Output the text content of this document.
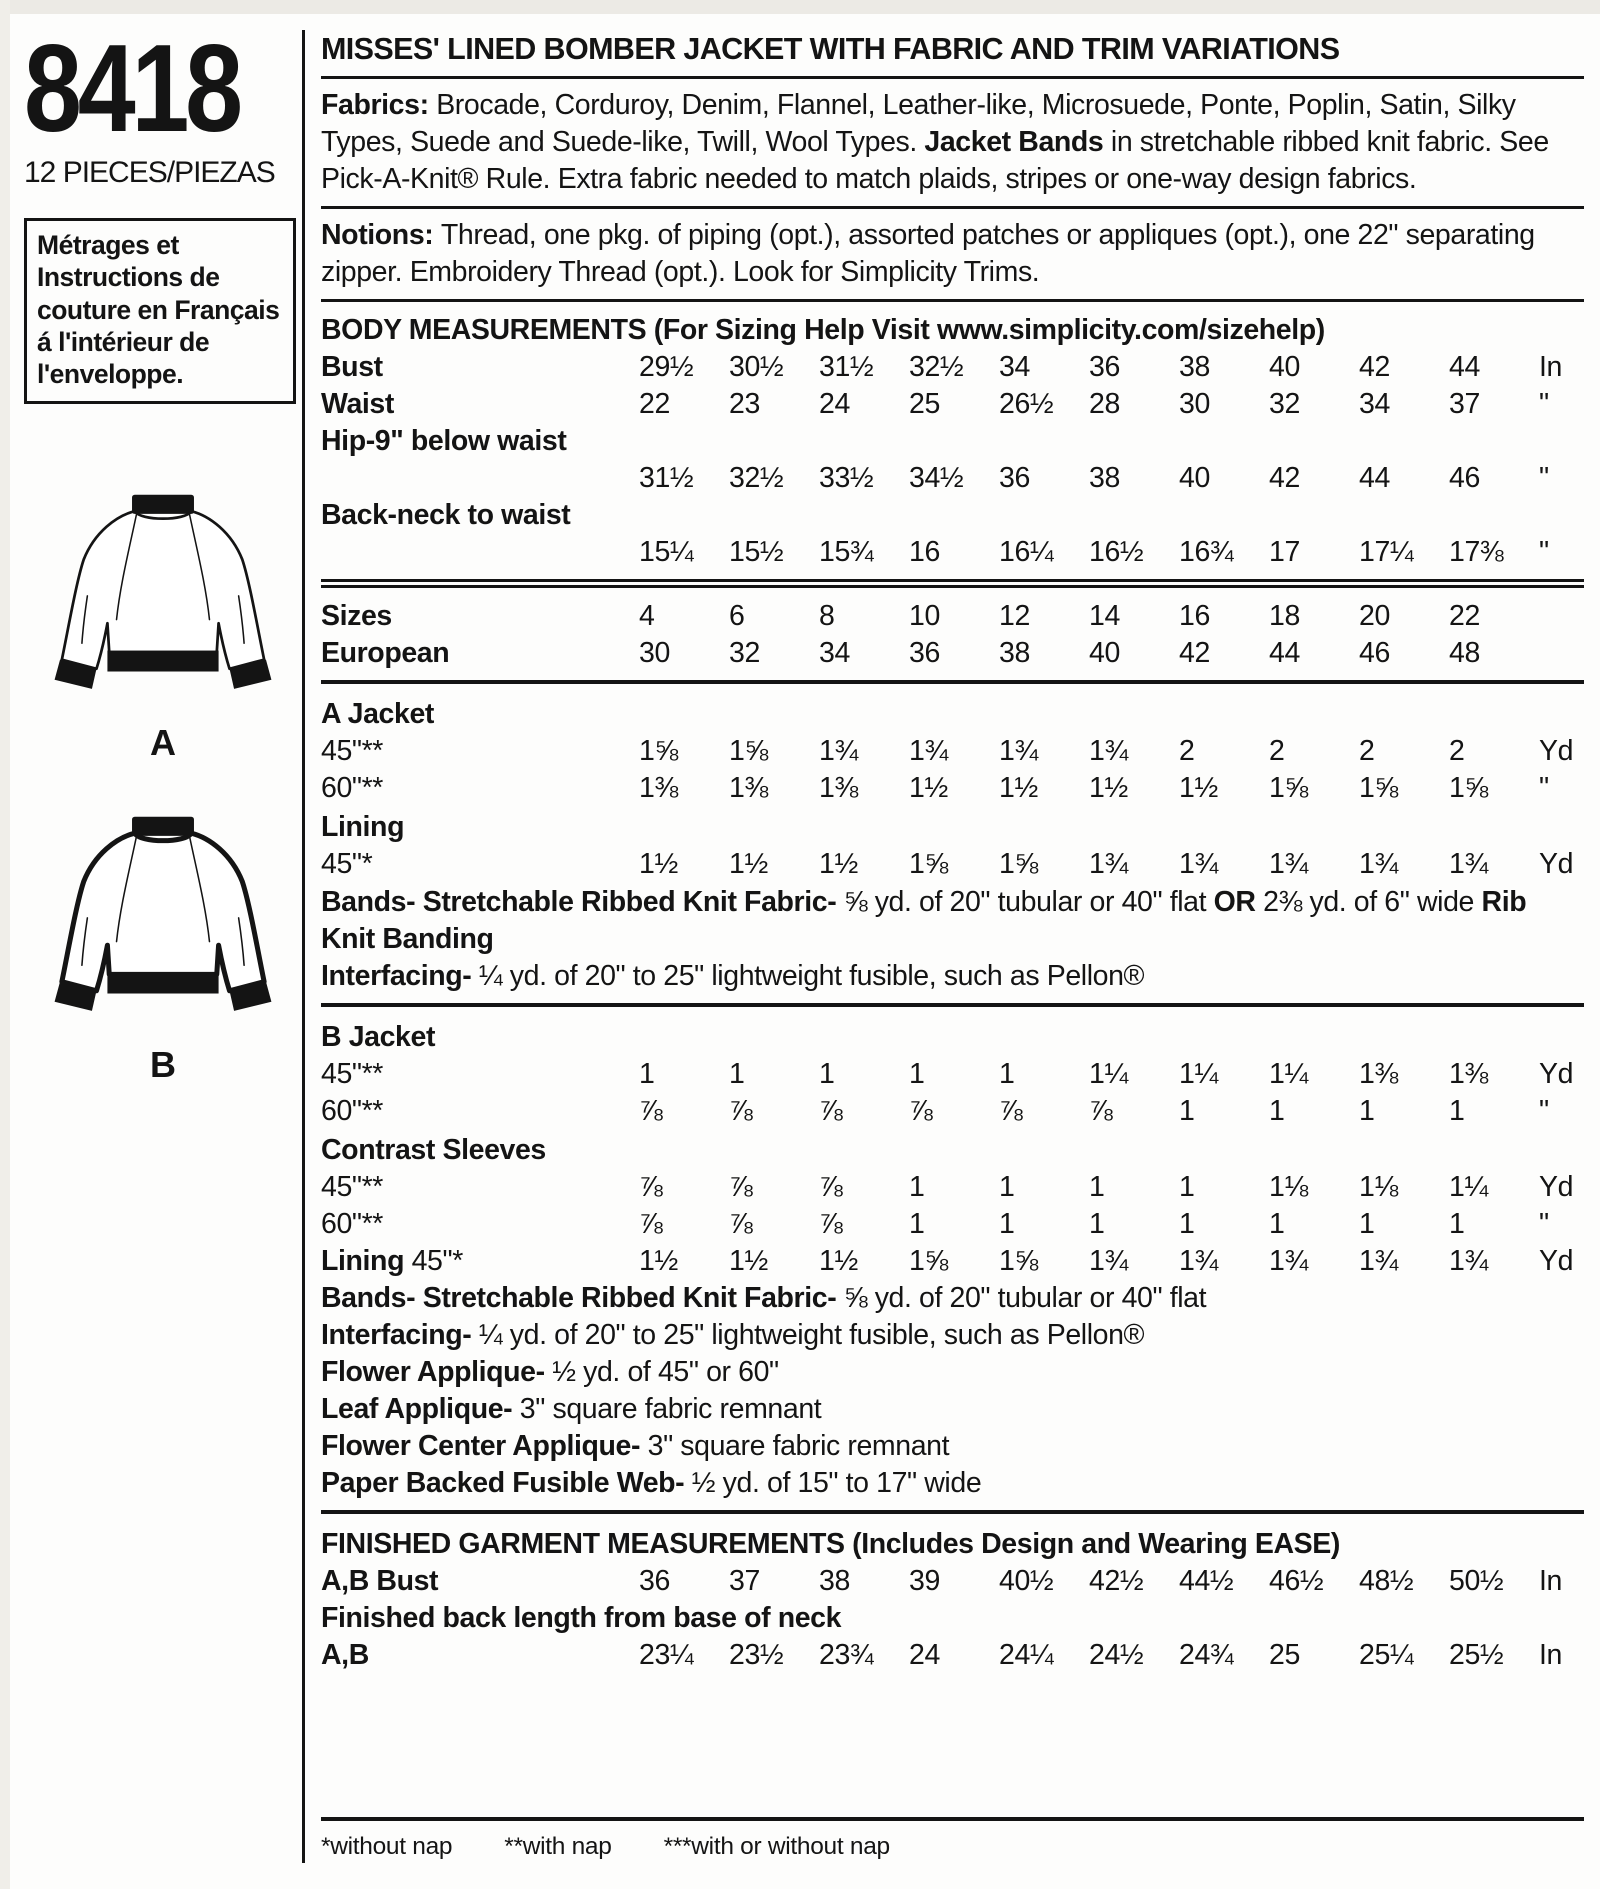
8418
12 PIECES/PIEZAS
Métrages et Instructions de couture en Français á l'intérieur de l'enveloppe.
A
B
MISSES' LINED BOMBER JACKET WITH FABRIC AND TRIM VARIATIONS
Fabrics: Brocade, Corduroy, Denim, Flannel, Leather-like, Microsuede, Ponte, Poplin, Satin, Silky Types, Suede and Suede-like, Twill, Wool Types. Jacket Bands in stretchable ribbed knit fabric. See Pick-A-Knit® Rule. Extra fabric needed to match plaids, stripes or one-way design fabrics.
Notions: Thread, one pkg. of piping (opt.), assorted patches or appliques (opt.), one 22" separating zipper. Embroidery Thread (opt.). Look for Simplicity Trims.
BODY MEASUREMENTS (For Sizing Help Visit www.simplicity.com/sizehelp)
Bust	29½	30½	31½	32½	34	36	38	40	42	44	In
Waist	22	23	24	25	26½	28	30	32	34	37	"
Hip-9" below waist
31½	32½	33½	34½	36	38	40	42	44	46	"
Back-neck to waist
15¼	15½	15¾	16	16¼	16½	16¾	17	17¼	17⅜	"
Sizes	4	6	8	10	12	14	16	18	20	22
European	30	32	34	36	38	40	42	44	46	48
A Jacket
45"**	1⅝	1⅝	1¾	1¾	1¾	1¾	2	2	2	2	Yd
60"**	1⅜	1⅜	1⅜	1½	1½	1½	1½	1⅝	1⅝	1⅝	"
Lining
45"*	1½	1½	1½	1⅝	1⅝	1¾	1¾	1¾	1¾	1¾	Yd
Bands- Stretchable Ribbed Knit Fabric- ⅝ yd. of 20" tubular or 40" flat OR 2⅜ yd. of 6" wide Rib Knit Banding
Interfacing- ¼ yd. of 20" to 25" lightweight fusible, such as Pellon®
B Jacket
45"**	1	1	1	1	1	1¼	1¼	1¼	1⅜	1⅜	Yd
60"**	⅞	⅞	⅞	⅞	⅞	⅞	1	1	1	1	"
Contrast Sleeves
45"**	⅞	⅞	⅞	1	1	1	1	1⅛	1⅛	1¼	Yd
60"**	⅞	⅞	⅞	1	1	1	1	1	1	1	"
Lining 45"*	1½	1½	1½	1⅝	1⅝	1¾	1¾	1¾	1¾	1¾	Yd
Bands- Stretchable Ribbed Knit Fabric- ⅝ yd. of 20" tubular or 40" flat
Interfacing- ¼ yd. of 20" to 25" lightweight fusible, such as Pellon®
Flower Applique- ½ yd. of 45" or 60"
Leaf Applique- 3" square fabric remnant
Flower Center Applique- 3" square fabric remnant
Paper Backed Fusible Web- ½ yd. of 15" to 17" wide
FINISHED GARMENT MEASUREMENTS (Includes Design and Wearing EASE)
A,B Bust	36	37	38	39	40½	42½	44½	46½	48½	50½	In
Finished back length from base of neck
A,B	23¼	23½	23¾	24	24¼	24½	24¾	25	25¼	25½	In
*without nap **with nap ***with or without nap
